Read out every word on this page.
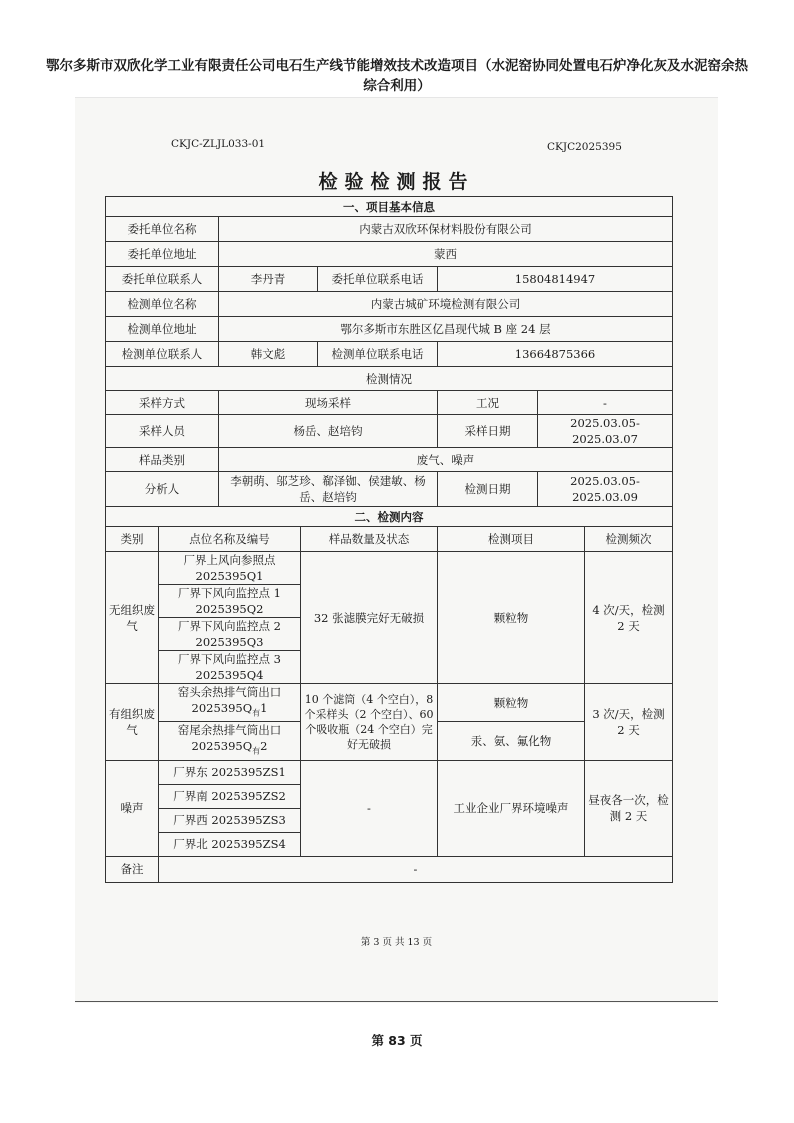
鄂尔多斯市双欣化学工业有限责任公司电石生产线节能增效技术改造项目（水泥窑协同处置电石炉净化灰及水泥窑余热综合利用）
CKJC-ZLJL033-01	CKJC2025395
检验检测报告
一、项目基本信息							
委托单位名称		内蒙古双欣环保材料股份有限公司					
委托单位地址		蒙西					
委托单位联系人		李丹青		委托单位联系电话	15804814947		
检测单位名称		内蒙古城矿环境检测有限公司					
检测单位地址		鄂尔多斯市东胜区亿昌现代城 B 座 24 层					
检测单位联系人		韩文彪		检测单位联系电话	13664875366		
检测情况							
采样方式		现场采样			工况	-	
采样人员		杨岳、赵培钧			采样日期	2025.03.05-2025.03.07	
样品类别		废气、噪声					
分析人		李朝萌、邬芝珍、郗泽铷、侯建敏、杨岳、赵培钧			检测日期	2025.03.05-2025.03.09	
二、检测内容							
类别	点位名称及编号		样品数量及状态		检测项目		检测频次
无组织废气	厂界上风向参照点 2025395Q1		32 张滤膜完好无破损		颗粒物		4 次/天，检测 2 天
	厂界下风向监控点 1 2025395Q2						
	厂界下风向监控点 2 2025395Q3						
	厂界下风向监控点 3 2025395Q4						
有组织废气	窑头余热排气筒出口 $2025395Q_有1$		10 个滤筒（4 个空白），8 个采样头（2 个空白）、60 个吸收瓶（24 个空白）完好无破损		颗粒物		3 次/天，检测 2 天
	窑尾余热排气筒出口 $2025395Q_有2$				汞、氨、氟化物		
噪声	厂界东 2025395ZS1		-		工业企业厂界环境噪声		昼夜各一次，检测 2 天
	厂界南 2025395ZS2						
	厂界西 2025395ZS3						
	厂界北 2025395ZS4						
备注	-						
第 3 页 共 13 页
第 83 页
